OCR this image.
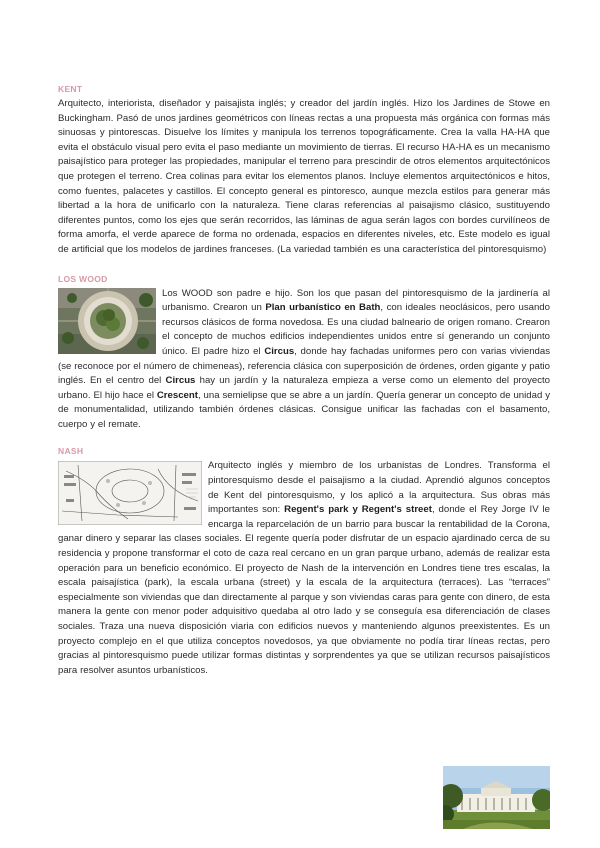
KENT

Arquitecto, interiorista, diseñador y paisajista inglés; y creador del jardín inglés. Hizo los Jardines de Stowe en Buckingham. Pasó de unos jardines geométricos con líneas rectas a una propuesta más orgánica con formas más sinuosas y pintorescas. Disuelve los límites y manipula los terrenos topográficamente. Crea la valla HA-HA que evita el obstáculo visual pero evita el paso mediante un movimiento de tierras. El recurso HA-HA es un mecanismo paisajístico para proteger las propiedades, manipular el terreno para prescindir de otros elementos arquitectónicos que protegen el terreno. Crea colinas para evitar los elementos planos. Incluye elementos arquitectónicos e hitos, como fuentes, palacetes y castillos. El concepto general es pintoresco, aunque mezcla estilos para generar más libertad a la hora de unificarlo con la naturaleza. Tiene claras referencias al paisajismo clásico, sustituyendo diferentes puntos, como los ejes que serán recorridos, las láminas de agua serán lagos con bordes curvilíneos de forma amorfa, el verde aparece de forma no ordenada, espacios en diferentes niveles, etc. Este modelo es igual de artificial que los modelos de jardines franceses. (La variedad también es una característica del pintoresquismo)

LOS WOOD

Los WOOD son padre e hijo. Son los que pasan del pintoresquismo de la jardinería al urbanismo. Crearon un Plan urbanístico en Bath, con ideales neoclásicos, pero usando recursos clásicos de forma novedosa. Es una ciudad balneario de origen romano. Crearon el concepto de muchos edificios independientes unidos entre sí generando un conjunto único. El padre hizo el Circus, donde hay fachadas uniformes pero con varias viviendas (se reconoce por el número de chimeneas), referencia clásica con superposición de órdenes, orden gigante y patio inglés. En el centro del Circus hay un jardín y la naturaleza empieza a verse como un elemento del proyecto urbano. El hijo hace el Crescent, una semielipse que se abre a un jardín. Quería generar un concepto de unidad y de monumentalidad, utilizando también órdenes clásicas. Consigue unificar las fachadas con el basamento, cuerpo y el remate.

NASH

Arquitecto inglés y miembro de los urbanistas de Londres. Transforma el pintoresquismo desde el paisajismo a la ciudad. Aprendió algunos conceptos de Kent del pintoresquismo, y los aplicó a la arquitectura. Sus obras más importantes son: Regent's park y Regent's street, donde el Rey Jorge IV le encarga la reparcelación de un barrio para buscar la rentabilidad de la Corona, ganar dinero y separar las clases sociales. El regente quería poder disfrutar de un espacio ajardinado cerca de su residencia y propone transformar el coto de caza real cercano en un gran parque urbano, además de realizar esta operación para un beneficio económico. El proyecto de Nash de la intervención en Londres tiene tres escalas, la escala paisajística (park), la escala urbana (street) y la escala de la arquitectura (terraces). Las “terraces” especialmente son viviendas que dan directamente al parque y son viviendas caras para gente con dinero, de esta manera la gente con menor poder adquisitivo quedaba al otro lado y se conseguía esa diferenciación de clases sociales. Traza una nueva disposición viaria con edificios nuevos y manteniendo algunos preexistentes. Es un proyecto complejo en el que utiliza conceptos novedosos, ya que obviamente no podía tirar líneas rectas, pero gracias al pintoresquismo puede utilizar formas distintas y sorprendentes ya que se utilizan recursos paisajísticos para resolver asuntos urbanísticos.
